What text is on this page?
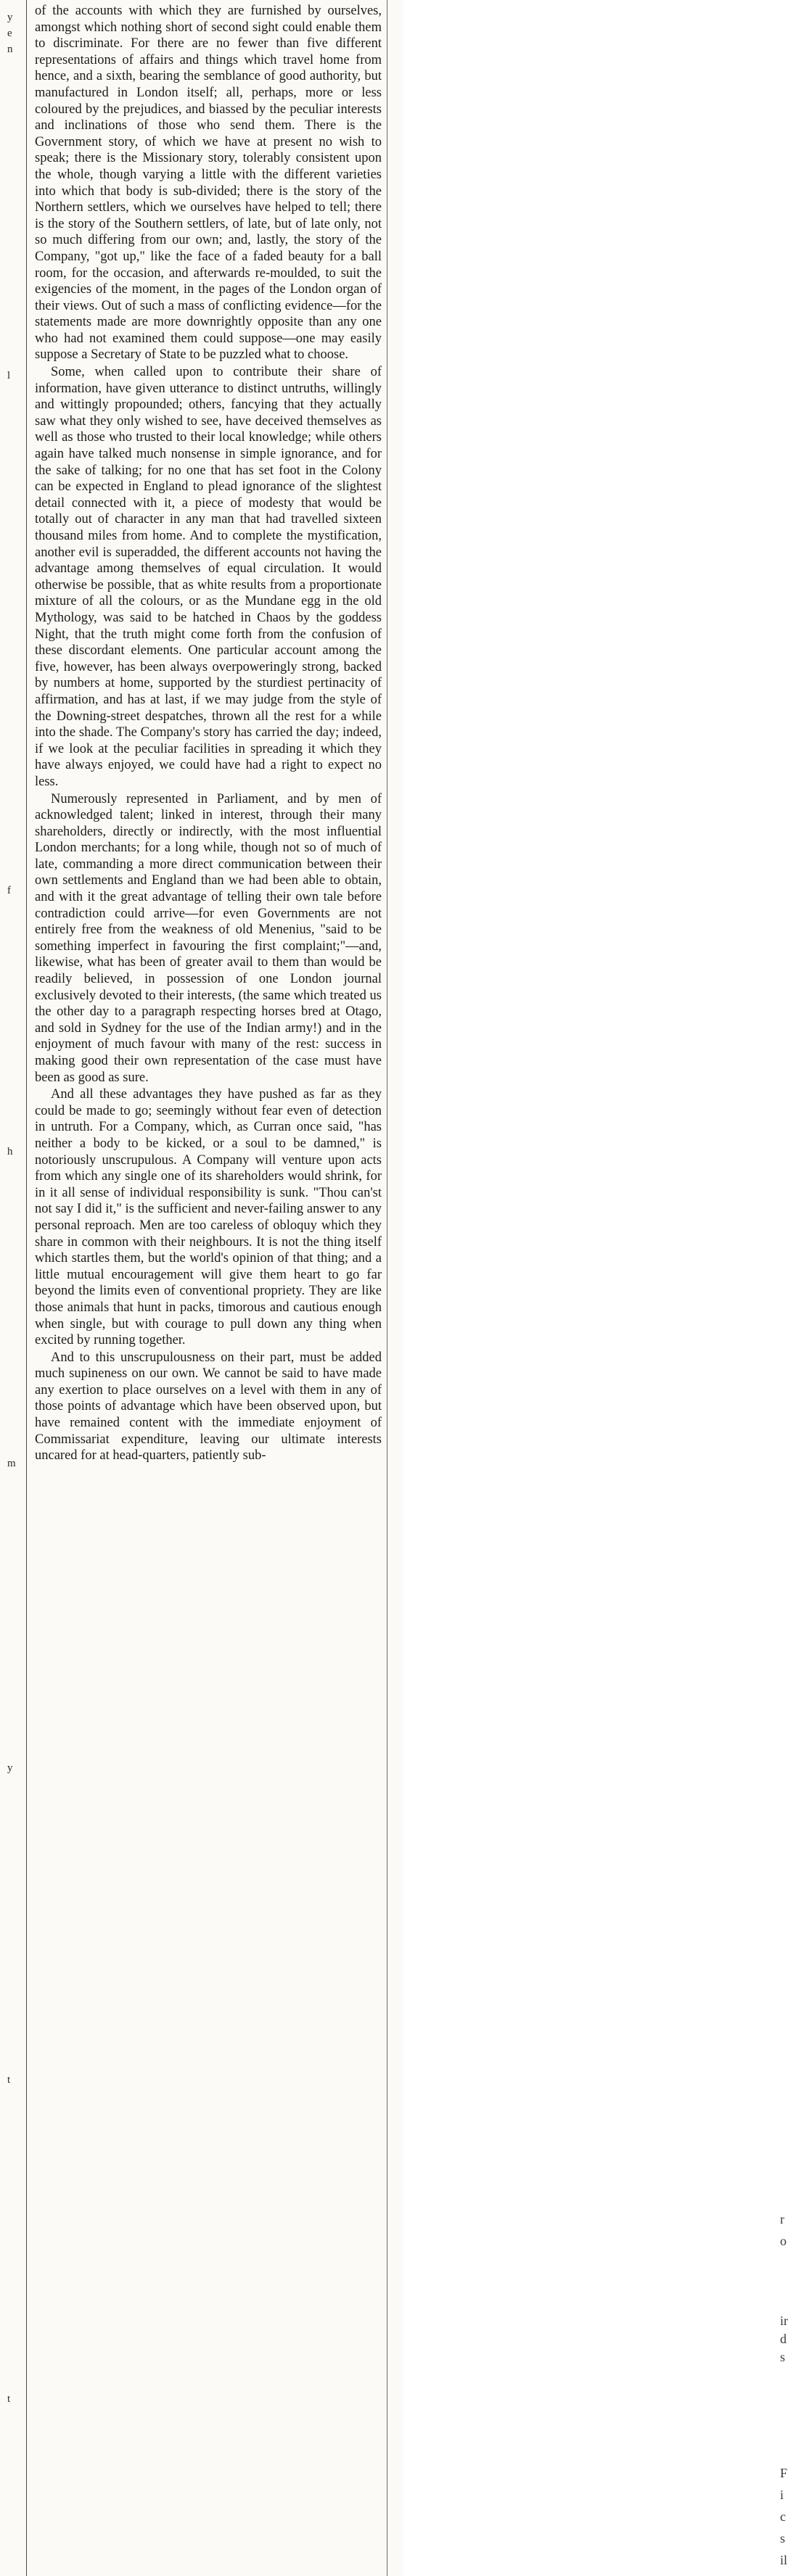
y
e
n
l
f
h
m
y
t
t

of the accounts with which they are furnished by ourselves, amongst which nothing short of second sight could enable them to discriminate. For there are no fewer than five different representations of affairs and things which travel home from hence, and a sixth, bearing the semblance of good authority, but manufactured in London itself; all, perhaps, more or less coloured by the prejudices, and biassed by the peculiar interests and inclinations of those who send them. There is the Government story, of which we have at present no wish to speak; there is the Missionary story, tolerably consistent upon the whole, though varying a little with the different varieties into which that body is sub-divided; there is the story of the Northern settlers, which we ourselves have helped to tell; there is the story of the Southern settlers, of late, but of late only, not so much differing from our own; and, lastly, the story of the Company, "got up," like the face of a faded beauty for a ball room, for the occasion, and afterwards re-moulded, to suit the exigencies of the moment, in the pages of the London organ of their views. Out of such a mass of conflicting evidence—for the statements made are more downrightly opposite than any one who had not examined them could suppose—one may easily suppose a Secretary of State to be puzzled what to choose.

Some, when called upon to contribute their share of information, have given utterance to distinct untruths, willingly and wittingly propounded; others, fancying that they actually saw what they only wished to see, have deceived themselves as well as those who trusted to their local knowledge; while others again have talked much nonsense in simple ignorance, and for the sake of talking; for no one that has set foot in the Colony can be expected in England to plead ignorance of the slightest detail connected with it, a piece of modesty that would be totally out of character in any man that had travelled sixteen thousand miles from home. And to complete the mystification, another evil is superadded, the different accounts not having the advantage among themselves of equal circulation. It would otherwise be possible, that as white results from a proportionate mixture of all the colours, or as the Mundane egg in the old Mythology, was said to be hatched in Chaos by the goddess Night, that the truth might come forth from the confusion of these discordant elements. One particular account among the five, however, has been always overpoweringly strong, backed by numbers at home, supported by the sturdiest pertinacity of affirmation, and has at last, if we may judge from the style of the Downing-street despatches, thrown all the rest for a while into the shade. The Company's story has carried the day; indeed, if we look at the peculiar facilities in spreading it which they have always enjoyed, we could have had a right to expect no less.

Numerously represented in Parliament, and by men of acknowledged talent; linked in interest, through their many shareholders, directly or indirectly, with the most influential London merchants; for a long while, though not so of much of late, commanding a more direct communication between their own settlements and England than we had been able to obtain, and with it the great advantage of telling their own tale before contradiction could arrive—for even Governments are not entirely free from the weakness of old Menenius, "said to be something imperfect in favouring the first complaint;"—and, likewise, what has been of greater avail to them than would be readily believed, in possession of one London journal exclusively devoted to their interests, (the same which treated us the other day to a paragraph respecting horses bred at Otago, and sold in Sydney for the use of the Indian army!) and in the enjoyment of much favour with many of the rest: success in making good their own representation of the case must have been as good as sure.

And all these advantages they have pushed as far as they could be made to go; seemingly without fear even of detection in untruth. For a Company, which, as Curran once said, "has neither a body to be kicked, or a soul to be damned," is notoriously unscrupulous. A Company will venture upon acts from which any single one of its shareholders would shrink, for in it all sense of individual responsibility is sunk. "Thou can'st not say I did it," is the sufficient and never-failing answer to any personal reproach. Men are too careless of obloquy which they share in common with their neighbours. It is not the thing itself which startles them, but the world's opinion of that thing; and a little mutual encouragement will give them heart to go far beyond the limits even of conventional propriety. They are like those animals that hunt in packs, timorous and cautious enough when single, but with courage to pull down any thing when excited by running together.

And to this unscrupulousness on their part, must be added much supineness on our own. We cannot be said to have made any exertion to place ourselves on a level with them in any of those points of advantage which have been observed upon, but have remained content with the immediate enjoyment of Commissariat expenditure, leaving our ultimate interests uncared for at head-quarters, patiently sub-

r
o
ir
d
s
F
i
c
s
il
